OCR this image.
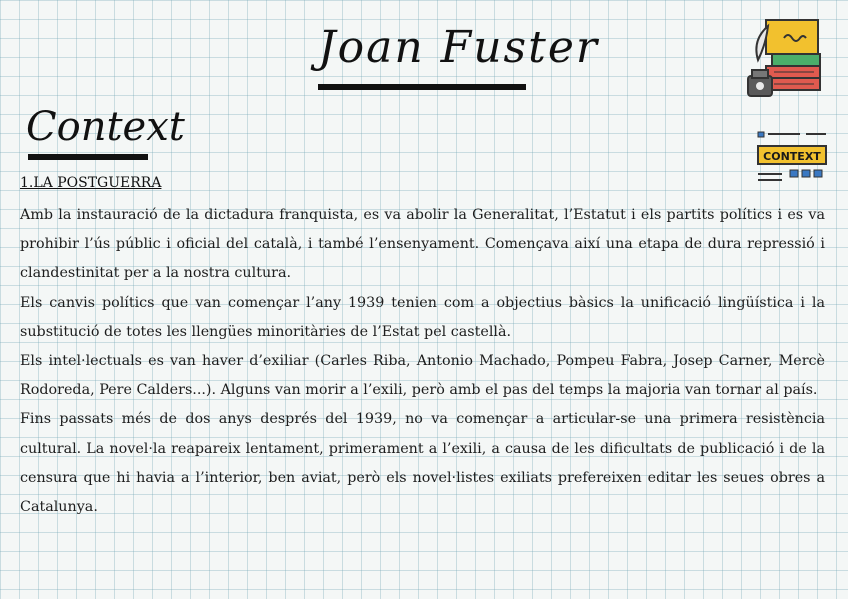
Joan Fuster
Context
CONTEXT
1.LA POSTGUERRA

Amb la instauració de la dictadura franquista, es va abolir la Generalitat, l’Estatut i els partits polítics i es va prohibir l’ús públic i oficial del català, i també l’ensenyament. Començava així una etapa de dura repressió i clandestinitat per a la nostra cultura.

Els canvis polítics que van començar l’any 1939 tenien com a objectius bàsics la unificació lingüística i la substitució de totes les llengües minoritàries de l’Estat pel castellà.

Els intel·lectuals es van haver d’exiliar (Carles Riba, Antonio Machado, Pompeu Fabra, Josep Carner, Mercè Rodoreda, Pere Calders...). Alguns van morir a l’exili, però amb el pas del temps la majoria van tornar al país.

Fins passats més de dos anys després del 1939, no va començar a articular-se una primera resistència cultural. La novel·la reapareix lentament, primerament a l’exili, a causa de les dificultats de publicació i de la censura que hi havia a l’interior, ben aviat, però els novel·listes exiliats prefereixen editar les seues obres a Catalunya.
